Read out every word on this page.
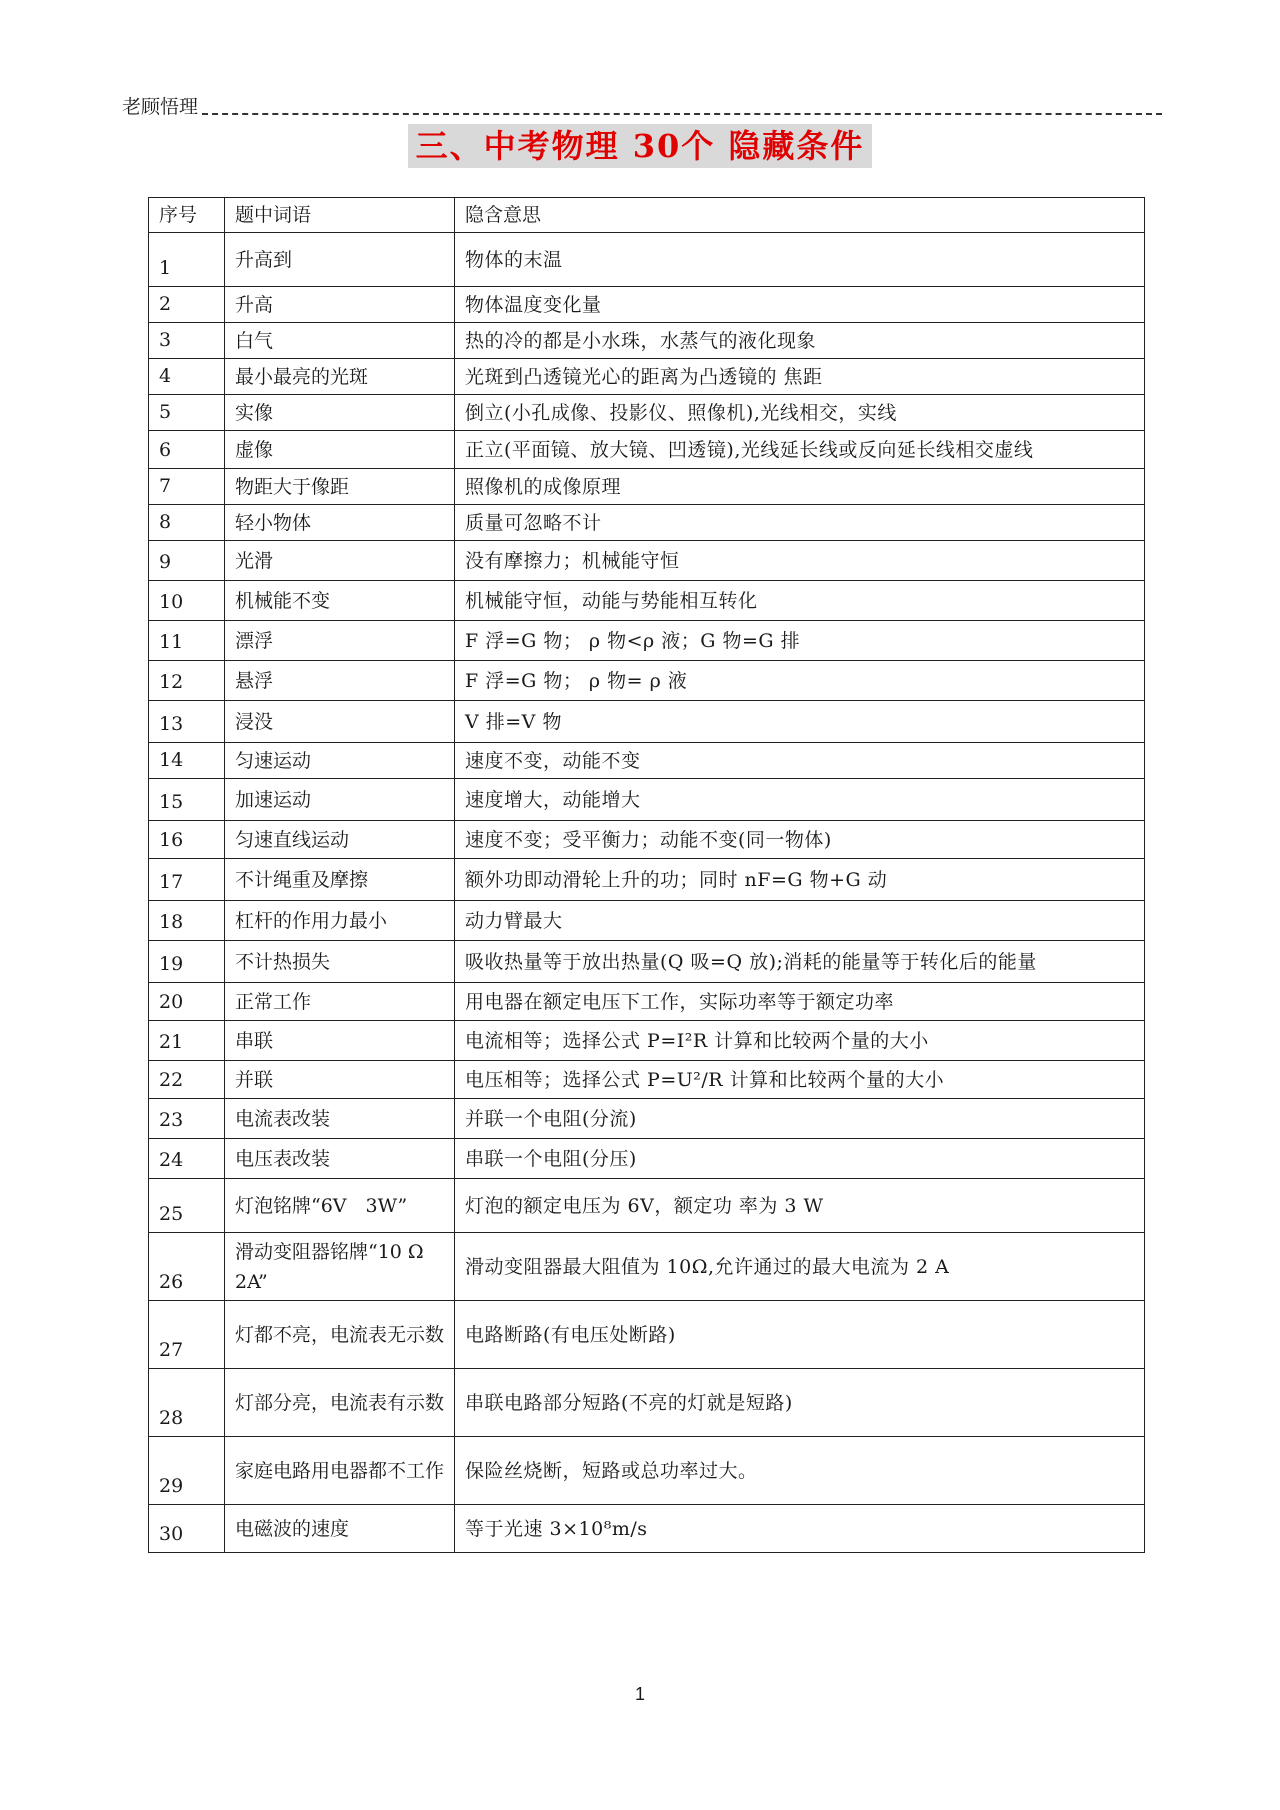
老顾悟理
三、中考物理 30个 隐藏条件
序号	题中词语	隐含意思
1	升高到	物体的末温
2	升高	物体温度变化量
3	白气	热的冷的都是小水珠，水蒸气的液化现象
4	最小最亮的光斑	光斑到凸透镜光心的距离为凸透镜的 焦距
5	实像	倒立(小孔成像、投影仪、照像机),光线相交，实线
6	虚像	正立(平面镜、放大镜、凹透镜),光线延长线或反向延长线相交虚线
7	物距大于像距	照像机的成像原理
8	轻小物体	质量可忽略不计
9	光滑	没有摩擦力；机械能守恒
10	机械能不变	机械能守恒，动能与势能相互转化
11	漂浮	F 浮=G 物； ρ 物<ρ 液；G 物=G 排
12	悬浮	F 浮=G 物； ρ 物= ρ 液
13	浸没	V 排=V 物
14	匀速运动	速度不变，动能不变
15	加速运动	速度增大，动能增大
16	匀速直线运动	速度不变；受平衡力；动能不变(同一物体)
17	不计绳重及摩擦	额外功即动滑轮上升的功；同时 nF=G 物+G 动
18	杠杆的作用力最小	动力臂最大
19	不计热损失	吸收热量等于放出热量(Q 吸=Q 放);消耗的能量等于转化后的能量
20	正常工作	用电器在额定电压下工作，实际功率等于额定功率
21	串联	电流相等；选择公式 P=I²R 计算和比较两个量的大小
22	并联	电压相等；选择公式 P=U²/R 计算和比较两个量的大小
23	电流表改装	并联一个电阻(分流)
24	电压表改装	串联一个电阻(分压)
25	灯泡铭牌“6V　3W”	灯泡的额定电压为 6V，额定功 率为 3 W
26	滑动变阻器铭牌“10 Ω 2A”	滑动变阻器最大阻值为 10Ω,允许通过的最大电流为 2 A
27	灯都不亮，电流表无示数	电路断路(有电压处断路)
28	灯部分亮，电流表有示数	串联电路部分短路(不亮的灯就是短路)
29	家庭电路用电器都不工作	保险丝烧断，短路或总功率过大。
30	电磁波的速度	等于光速 3×10⁸m/s
1
